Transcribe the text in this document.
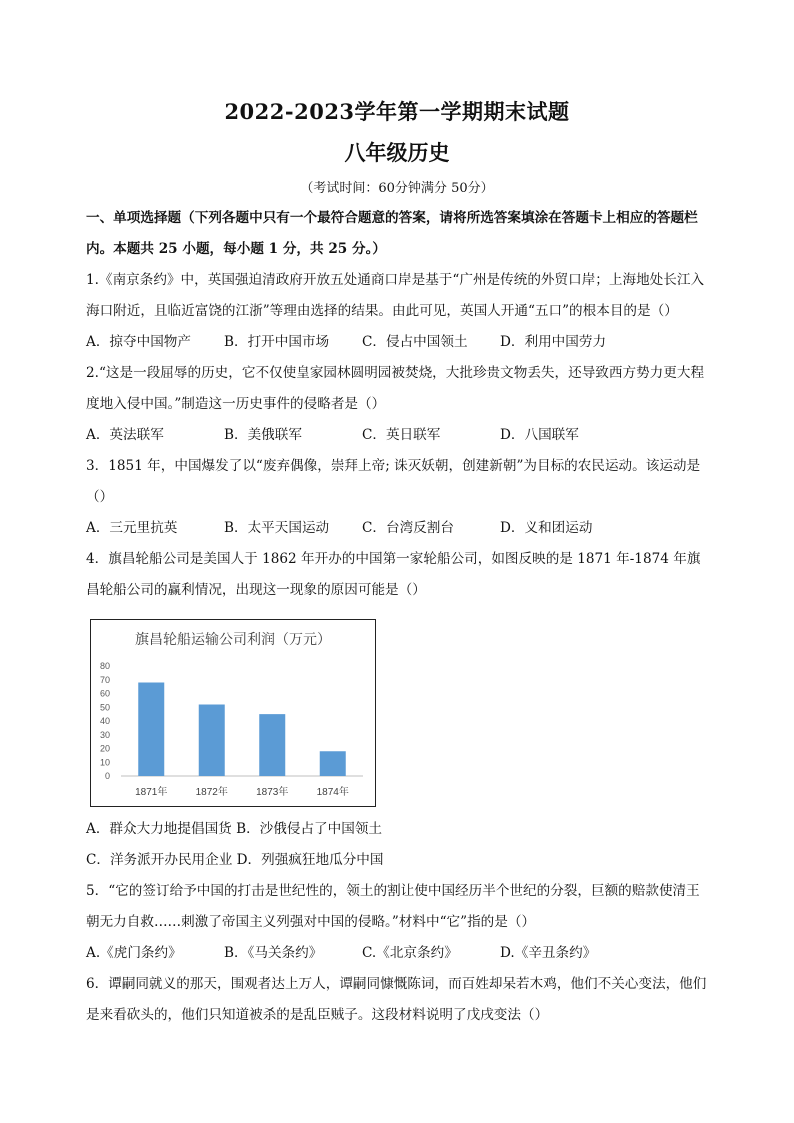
2022-2023学年第一学期期末试题
八年级历史
（考试时间：60分钟满分 50分）

一、单项选择题（下列各题中只有一个最符合题意的答案，请将所选答案填涂在答题卡上相应的答题栏内。本题共 25 小题，每小题 1 分，共 25 分。）

1.《南京条约》中，英国强迫清政府开放五处通商口岸是基于“广州是传统的外贸口岸；上海地处长江入海口附近，且临近富饶的江浙”等理由选择的结果。由此可见，英国人开通“五口”的根本目的是（）

A．掠夺中国物产	B．打开中国市场	C．侵占中国领土	D．利用中国劳力

2.“这是一段屈辱的历史，它不仅使皇家园林圆明园被焚烧，大批珍贵文物丢失，还导致西方势力更大程度地入侵中国。”制造这一历史事件的侵略者是（）

A．英法联军	B．美俄联军	C．英日联军	D．八国联军

3．1851 年，中国爆发了以“废弃偶像，崇拜上帝; 诛灭妖朝，创建新朝”为目标的农民运动。该运动是（）

A．三元里抗英	B．太平天国运动	C．台湾反割台	D．义和团运动

4．旗昌轮船公司是美国人于 1862 年开办的中国第一家轮船公司，如图反映的是 1871 年-1874 年旗昌轮船公司的赢利情况，出现这一现象的原因可能是（）

旗昌轮船运输公司利润（万元）
0
10
20
30
40
50
60
70
80
1871年	1872年	1873年	1874年

A．群众大力地提倡国货 B．沙俄侵占了中国领土

C．洋务派开办民用企业 D．列强疯狂地瓜分中国

5．“它的签订给予中国的打击是世纪性的，领土的割让使中国经历半个世纪的分裂，巨额的赔款使清王朝无力自救……刺激了帝国主义列强对中国的侵略。”材料中“它”指的是（）

A.《虎门条约》	B．《马关条约》	C.《北京条约》	D.《辛丑条约》

6．谭嗣同就义的那天，围观者达上万人，谭嗣同慷慨陈词，而百姓却呆若木鸡，他们不关心变法，他们是来看砍头的，他们只知道被杀的是乱臣贼子。这段材料说明了戊戌变法（）
